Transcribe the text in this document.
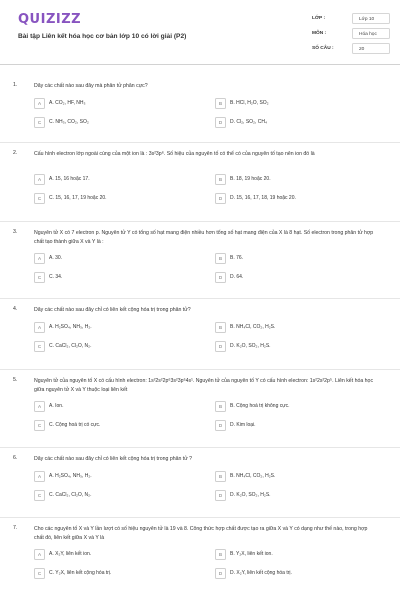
QUIZIZZ
Bài tập Liên kết hóa học cơ bản lớp 10 có lời giải (P2)
LỚP :	Lớp 10
MÔN :	Hóa học
SỐ CÂU :	20
1.	Dãy các chất nào sau đây mà phân tử phân cực?
A	A. CO₂, HF, NH₃	B	B. HCl, H₂O, SO₂
C	C. NH₃, CO₂, SO₂	D	D. Cl₂, SO₂, CH₄
2.	Cấu hình electron lớp ngoài cùng của một ion là : 3s²3p⁶. Số hiệu của nguyên tố có thể có của nguyên tố tạo nên ion đó là
A	A. 15, 16 hoặc 17.	B	B. 18, 19 hoặc 20.
C	C. 15, 16, 17, 19 hoặc 20.	D	D. 15, 16, 17, 18, 19 hoặc 20.
3.	Nguyên tử X có 7 electron p. Nguyên tử Y có tổng số hạt mang điện nhiều hơn tổng số hạt mang điện của X là 8 hạt. Số electron trong phân tử hợp chất tạo thành giữa X và Y là :
A	A. 30.	B	B. 76.
C	C. 34.	D	D. 64.
4.	Dãy các chất nào sau đây chỉ có liên kết cộng hóa trị trong phân tử?
A	A. H₂SO₄, NH₃, H₂.	B	B. NH₄Cl, CO₂, H₂S.
C	C. CaCl₂, Cl₂O, N₂.	D	D. K₂O, SO₂, H₂S.
5.	Nguyên tử của nguyên tố X có cấu hình electron: 1s²2s²2p⁶3s²3p⁶4s¹. Nguyên tử của nguyên tố Y có cấu hình electron: 1s²2s²2p⁵. Liên kết hóa học giữa nguyên tử X và Y thuộc loại liên kết
A	A. Ion.	B	B. Cộng hoá trị không cực.
C	C. Cộng hoá trị có cực.	D	D. Kim loại.
6.	Dãy các chất nào sau đây chỉ có liên kết cộng hóa trị trong phân tử ?
A	A. H₂SO₄, NH₃, H₂.	B	B. NH₄Cl, CO₂, H₂S.
C	C. CaCl₂, Cl₂O, N₂.	D	D. K₂O, SO₂, H₂S.
7.	Cho các nguyên tố X và Y lần lượt có số hiệu nguyên tử là 19 và 8. Công thức hợp chất được tạo ra giữa X và Y có dạng như thế nào, trong hợp chất đó, liên kết giữa X và Y là
A	A. X₂Y, liên kết ion.	B	B. Y₂X, liên kết ion.
C	C. Y₂X, liên kết cộng hóa trị.	D	D. X₂Y, liên kết cộng hóa trị.
